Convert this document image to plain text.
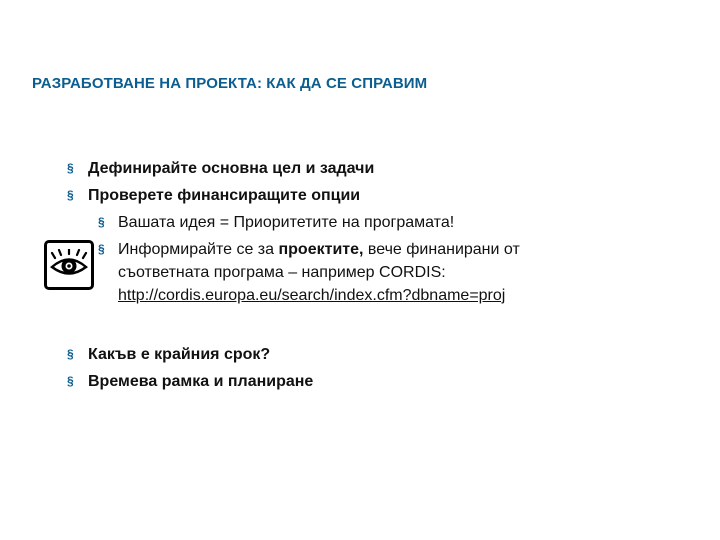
РАЗРАБОТВАНЕ НА ПРОЕКТА: КАК ДА СЕ СПРАВИМ
§ Дефинирайте основна цел и задачи
§ Проверете финансиращите опции
§ Вашата идея = Приоритетите на програмата!
§ Информирайте се за проектите, вече финанирани от
съответната програма – например CORDIS:
http://cordis.europa.eu/search/index.cfm?dbname=proj
§ Какъв е крайния срок?
§ Времева рамка и планиране
